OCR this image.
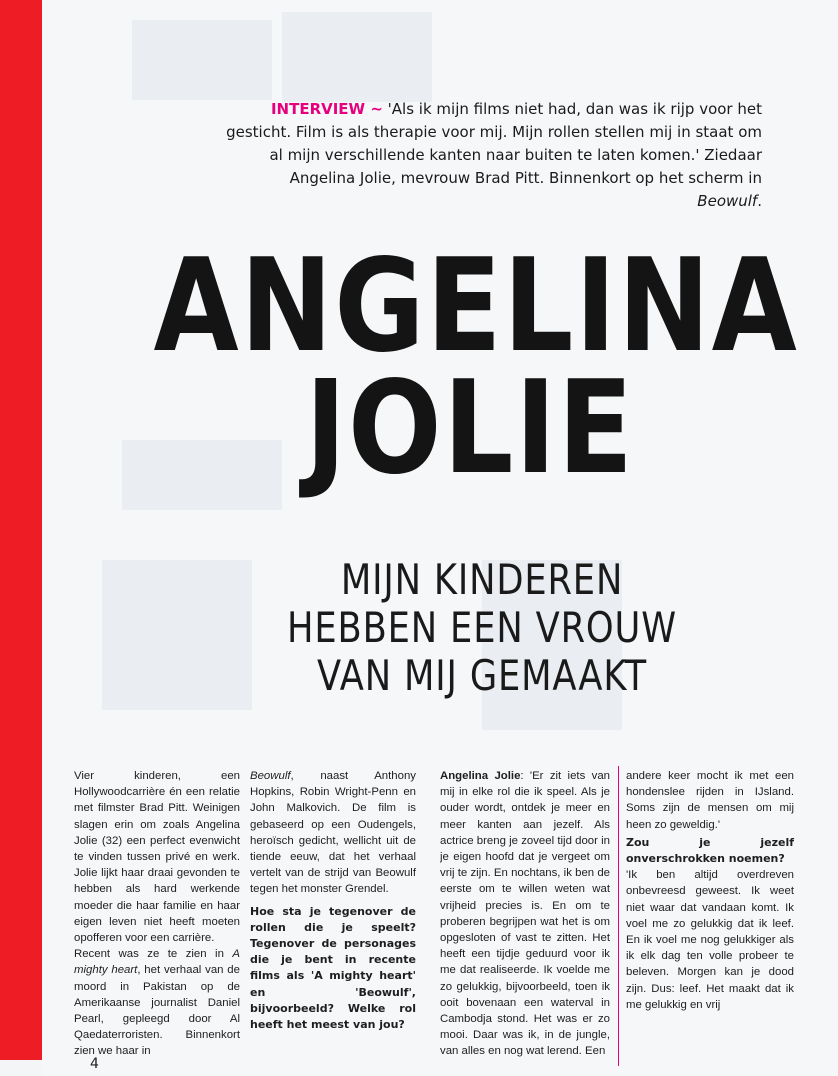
INTERVIEW ~ 'Als ik mijn films niet had, dan was ik rijp voor het gesticht. Film is als therapie voor mij. Mijn rollen stellen mij in staat om al mijn verschillende kanten naar buiten te laten komen.' Ziedaar Angelina Jolie, mevrouw Brad Pitt. Binnenkort op het scherm in Beowulf.
ANGELINA
JOLIE
MIJN KINDEREN
HEBBEN EEN VROUW
VAN MIJ GEMAAKT

Vier kinderen, een Hollywoodcarrière én een relatie met filmster Brad Pitt. Weinigen slagen erin om zoals Angelina Jolie (32) een perfect evenwicht te vinden tussen privé en werk. Jolie lijkt haar draai gevonden te hebben als hard werkende moeder die haar familie en haar eigen leven niet heeft moeten opofferen voor een carrière.

Recent was ze te zien in A mighty heart, het verhaal van de moord in Pakistan op de Amerikaanse journalist Daniel Pearl, gepleegd door Al Qaedaterroristen. Binnenkort zien we haar in

Beowulf, naast Anthony Hopkins, Robin Wright-Penn en John Malkovich. De film is gebaseerd op een Oudengels, heroïsch gedicht, wellicht uit de tiende eeuw, dat het verhaal vertelt van de strijd van Beowulf tegen het monster Grendel.

Hoe sta je tegenover de rollen die je speelt? Tegenover de personages die je bent in recente films als 'A mighty heart' en 'Beowulf', bijvoorbeeld? Welke rol heeft het meest van jou?

Angelina Jolie: 'Er zit iets van mij in elke rol die ik speel. Als je ouder wordt, ontdek je meer en meer kanten aan jezelf. Als actrice breng je zoveel tijd door in je eigen hoofd dat je vergeet om vrij te zijn. En nochtans, ik ben de eerste om te willen weten wat vrijheid precies is. En om te proberen begrijpen wat het is om opgesloten of vast te zitten. Het heeft een tijdje geduurd voor ik me dat realiseerde. Ik voelde me zo gelukkig, bijvoorbeeld, toen ik ooit bovenaan een waterval in Cambodja stond. Het was er zo mooi. Daar was ik, in de jungle, van alles en nog wat lerend. Een

andere keer mocht ik met een hondenslee rijden in IJsland. Soms zijn de mensen om mij heen zo geweldig.'

Zou je jezelf onverschrokken noemen?

'Ik ben altijd overdreven onbevreesd geweest. Ik weet niet waar dat vandaan komt. Ik voel me zo gelukkig dat ik leef. En ik voel me nog gelukkiger als ik elk dag ten volle probeer te beleven. Morgen kan je dood zijn. Dus: leef. Het maakt dat ik me gelukkig en vrij

4
